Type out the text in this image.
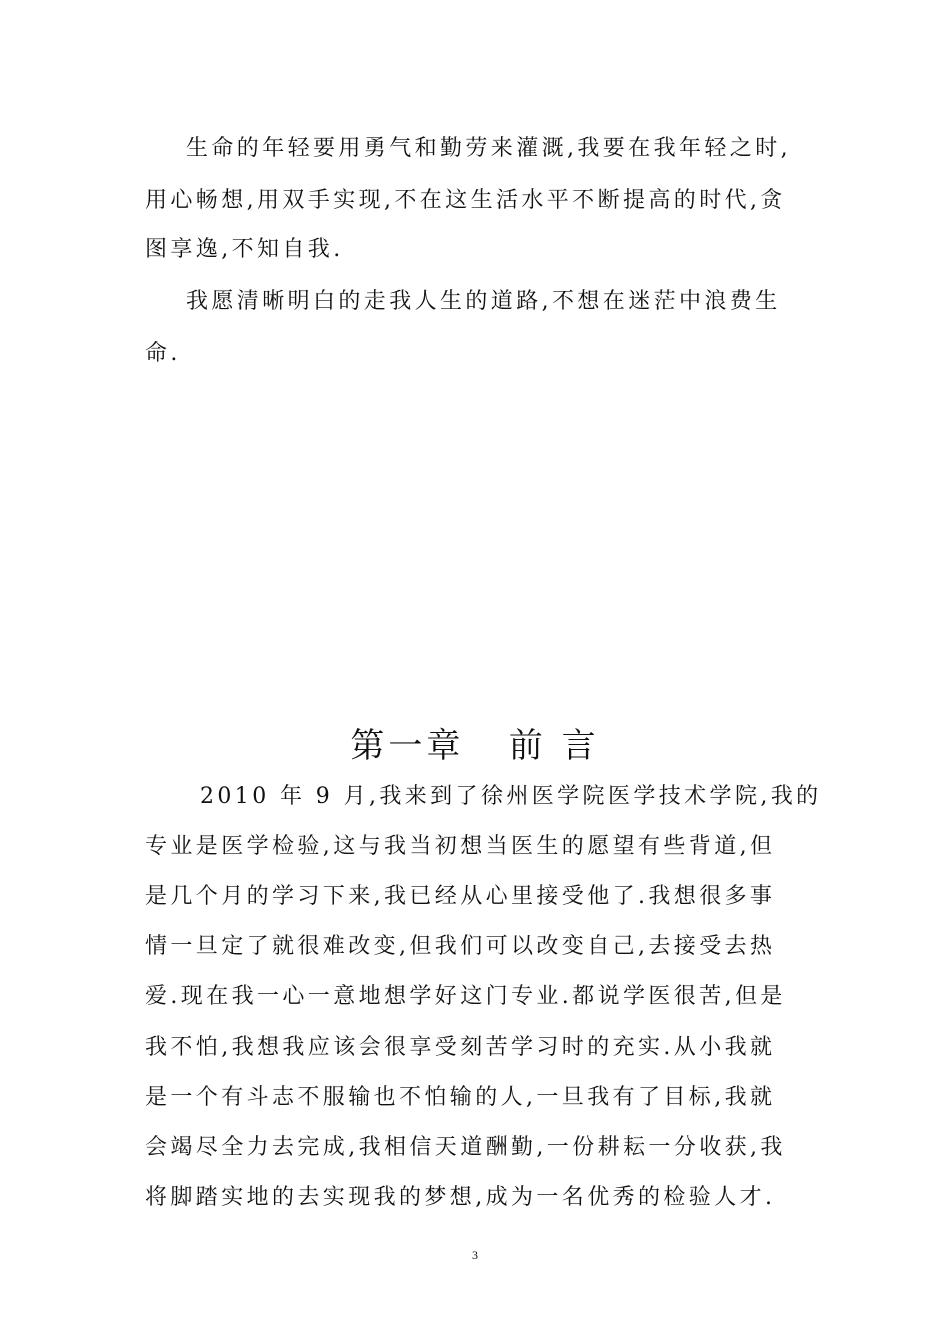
生命的年轻要用勇气和勤劳来灌溉,我要在我年轻之时,
用心畅想,用双手实现,不在这生活水平不断提高的时代,贪
图享逸,不知自我.
我愿清晰明白的走我人生的道路,不想在迷茫中浪费生
命.
第一章   前 言
2010 年 9 月,我来到了徐州医学院医学技术学院,我的
专业是医学检验,这与我当初想当医生的愿望有些背道,但
是几个月的学习下来,我已经从心里接受他了.我想很多事
情一旦定了就很难改变,但我们可以改变自己,去接受去热
爱.现在我一心一意地想学好这门专业.都说学医很苦,但是
我不怕,我想我应该会很享受刻苦学习时的充实.从小我就
是一个有斗志不服输也不怕输的人,一旦我有了目标,我就
会竭尽全力去完成,我相信天道酬勤,一份耕耘一分收获,我
将脚踏实地的去实现我的梦想,成为一名优秀的检验人才.
3
